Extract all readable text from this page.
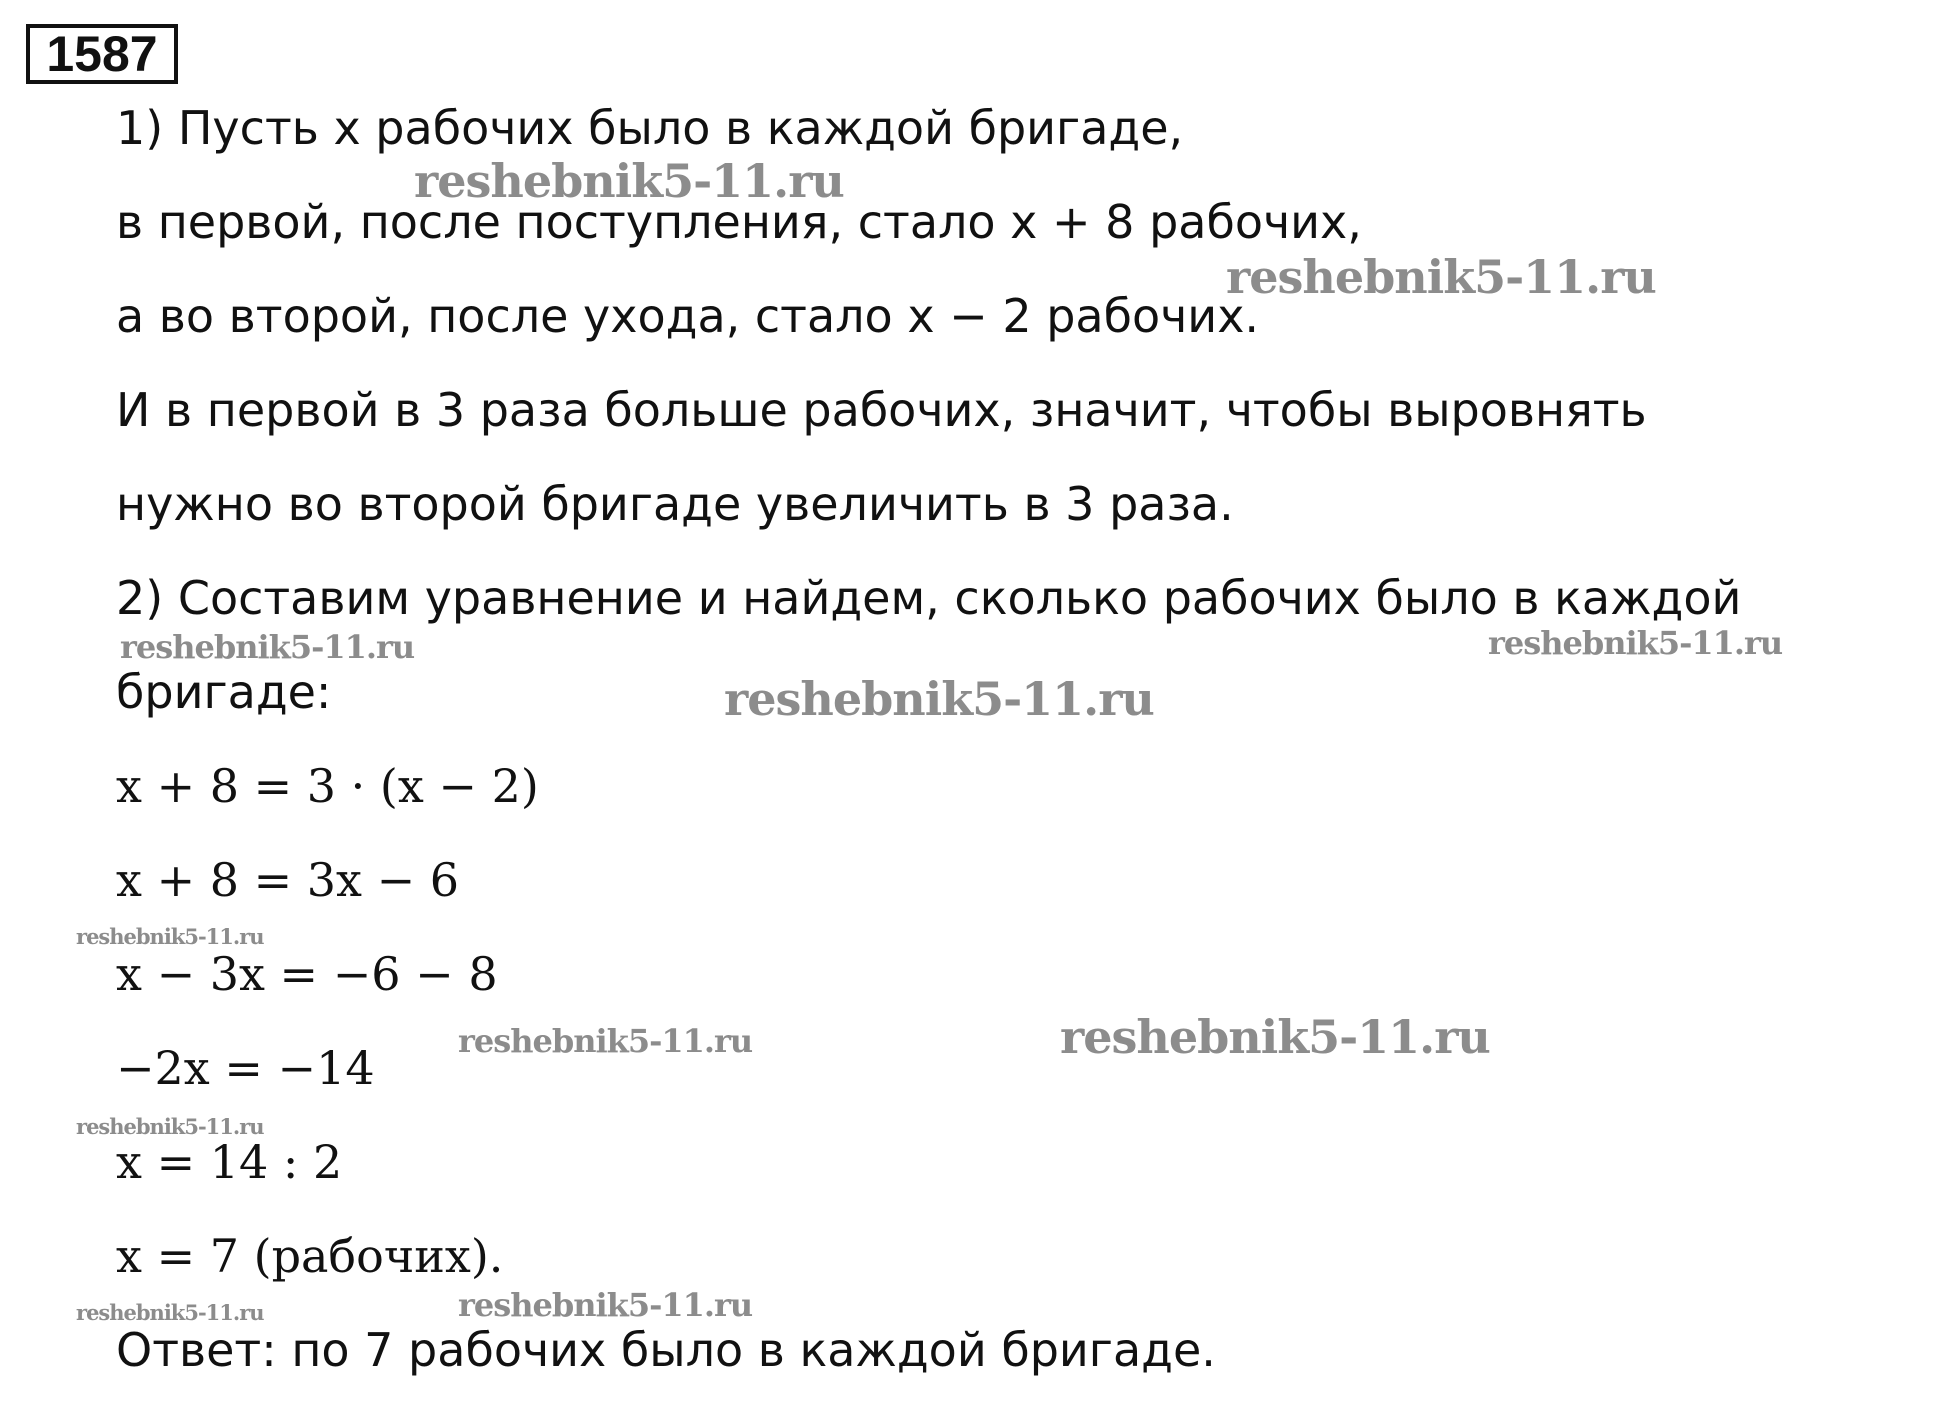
1587
1) Пусть x рабочих было в каждой бригаде,
в первой, после поступления, стало x + 8 рабочих,
а во второй, после ухода, стало x − 2 рабочих.
И в первой в 3 раза больше рабочих, значит, чтобы выровнять
нужно во второй бригаде увеличить в 3 раза.
2) Составим уравнение и найдем, сколько рабочих было в каждой
бригаде:
x + 8 = 3 · (x − 2)
x + 8 = 3x − 6
x − 3x = −6 − 8
−2x = −14
x = 14 : 2
x = 7 (рабочих).
Ответ: по 7 рабочих было в каждой бригаде.
reshebnik5-11.ru
reshebnik5-11.ru
reshebnik5-11.ru	reshebnik5-11.ru
reshebnik5-11.ru
reshebnik5-11.ru
reshebnik5-11.ru	reshebnik5-11.ru
reshebnik5-11.ru
reshebnik5-11.ru	reshebnik5-11.ru
